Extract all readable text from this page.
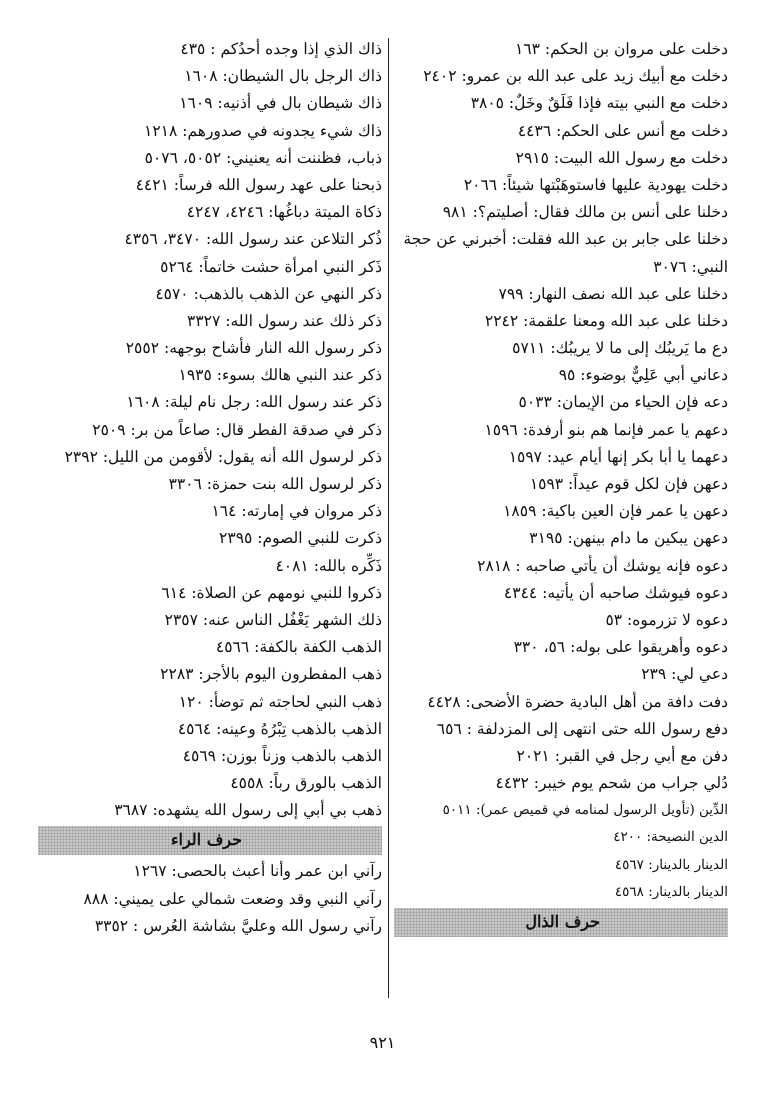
دخلت على مروان بن الحكم: ١٦٣
دخلت مع أبيك زيد على عبد الله بن عمرو: ٢٤٠٢
دخلت مع النبي بيته فإذا فَلَقٌ وخَلٌ: ٣٨٠٥
دخلت مع أنس على الحكم: ٤٤٣٦
دخلت مع رسول الله البيت: ٢٩١٥
دخلت يهودية عليها فاستوهَبْتها شيئاً: ٢٠٦٦
دخلنا على أنس بن مالك فقال: أصليتم؟: ٩٨١
دخلنا على جابر بن عبد الله فقلت: أخبرني عن حجة النبي: ٣٠٧٦
دخلنا على عبد الله نصف النهار: ٧٩٩
دخلنا على عبد الله ومعنا علقمة: ٢٢٤٢
دع ما يَريبُك إلى ما لا يريبُك: ٥٧١١
دعاني أبي عَلِيٌّ بوضوء: ٩٥
دعه فإن الحياء من الإيمان: ٥٠٣٣
دعهم يا عمر فإنما هم بنو أرفدة: ١٥٩٦
دعهما يا أبا بكر إنها أيام عيد: ١٥٩٧
دعهن فإن لكل قوم عيداً: ١٥٩٣
دعهن يا عمر فإن العين باكية: ١٨٥٩
دعهن يبكين ما دام بينهن: ٣١٩٥
دعوه فإنه يوشك أن يأتي صاحبه : ٢٨١٨
دعوه فيوشك صاحبه أن يأتيه: ٤٣٤٤
دعوه لا تزرموه: ٥٣
دعوه وأهريقوا على بوله: ٥٦، ٣٣٠
دعي لي: ٢٣٩
دفت دافة من أهل البادية حضرة الأضحى: ٤٤٢٨
دفع رسول الله حتى انتهى إلى المزدلفة : ٦٥٦
دفن مع أبي رجل في القبر: ٢٠٢١
دُلي جراب من شحم يوم خيبر: ٤٤٣٢
الدِّين (تأويل الرسول لمنامه في قميص عمر): ٥٠١١
الدين النصيحة: ٤٢٠٠
الدينار بالدينار: ٤٥٦٧
الدينار بالدينار: ٤٥٦٨
حرف الذال
ذاك الذي إذا وجده أحدُكم : ٤٣٥
ذاك الرجل بال الشيطان: ١٦٠٨
ذاك شيطان بال في أذنيه: ١٦٠٩
ذاك شيء يجدونه في صدورهم: ١٢١٨
ذباب، فظننت أنه يعنيني: ٥٠٥٢، ٥٠٧٦
ذبحنا على عهد رسول الله فرساً: ٤٤٢١
ذكاة الميتة دباغُها: ٤٢٤٦، ٤٢٤٧
ذُكر التلاعن عند رسول الله: ٣٤٧٠، ٤٣٥٦
ذَكر النبي امرأة حشت خاتماً: ٥٢٦٤
ذكر النهي عن الذهب بالذهب: ٤٥٧٠
ذكر ذلك عند رسول الله: ٣٣٢٧
ذكر رسول الله النار فأشاح بوجهه: ٢٥٥٢
ذكر عند النبي هالك بسوء: ١٩٣٥
ذكر عند رسول الله: رجل نام ليلة: ١٦٠٨
ذكر في صدقة الفطر قال: صاعاً من بر: ٢٥٠٩
ذكر لرسول الله أنه يقول: لأقومن من الليل: ٢٣٩٢
ذكر لرسول الله بنت حمزة: ٣٣٠٦
ذكر مروان في إمارته: ١٦٤
ذكرت للنبي الصوم: ٢٣٩٥
ذَكِّره بالله: ٤٠٨١
ذكروا للنبي نومهم عن الصلاة: ٦١٤
ذلك الشهر يَغْفُل الناس عنه: ٢٣٥٧
الذهب الكفة بالكفة: ٤٥٦٦
ذهب المفطرون اليوم بالأجر: ٢٢٨٣
ذهب النبي لحاجته ثم توضأ: ١٢٠
الذهب بالذهب تِبْرُهُ وعينه: ٤٥٦٤
الذهب بالذهب وزناً بوزن: ٤٥٦٩
الذهب بالورق رباً: ٤٥٥٨
ذهب بي أبي إلى رسول الله يشهده: ٣٦٨٧
حرف الراء
رآني ابن عمر وأنا أعبث بالحصى: ١٢٦٧
رآني النبي وقد وضعت شمالي على يميني: ٨٨٨
رآني رسول الله وعليَّ بشاشة العُرس : ٣٣٥٢
٩٢١
